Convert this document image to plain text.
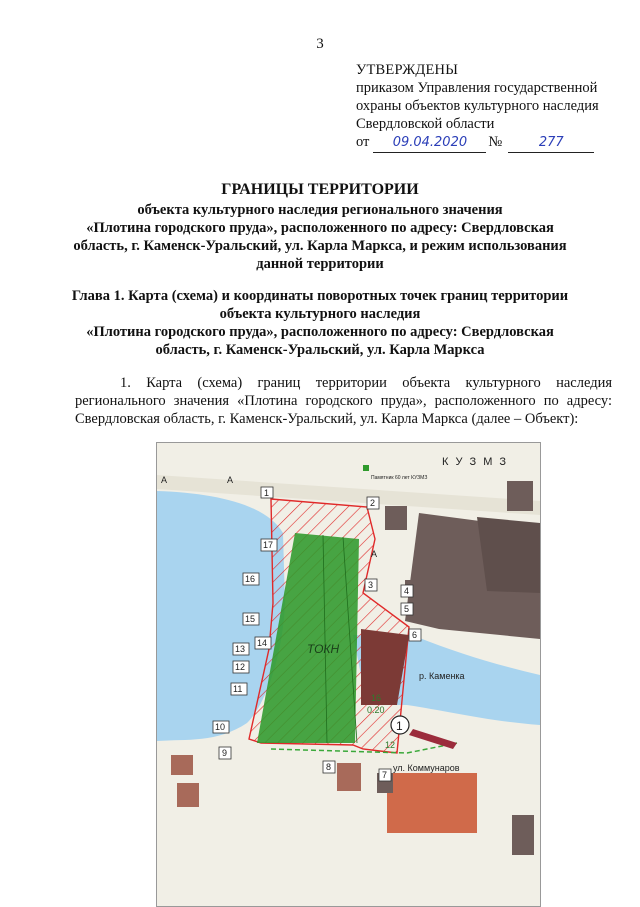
3
УТВЕРЖДЕНЫ
приказом Управления государственной
охраны объектов культурного наследия
Свердловской области
от	09.04.2020	№	277
ГРАНИЦЫ ТЕРРИТОРИИ
объекта культурного наследия регионального значения
«Плотина городского пруда», расположенного по адресу: Свердловская
область, г. Каменск-Уральский, ул. Карла Маркса, и режим использования
данной территории
Глава 1. Карта (схема) и координаты поворотных точек границ территории
объекта культурного наследия
«Плотина городского пруда», расположенного по адресу: Свердловская
область, г. Каменск-Уральский, ул. Карла Маркса
1. Карта (схема) границ территории объекта культурного наследия
регионального значения «Плотина городского пруда», расположенного по адресу:
Свердловская область, г. Каменск-Уральский, ул. Карла Маркса (далее – Объект):
1
К У З М З
Памятник 60 лет КУЗМЗ
ТОКН
р. Каменка
ул. Коммунаров
А
А
А
16
0.20
12
1
2
3
4
5
6
7
8
9
10
11
12
13
14
15
16
17
